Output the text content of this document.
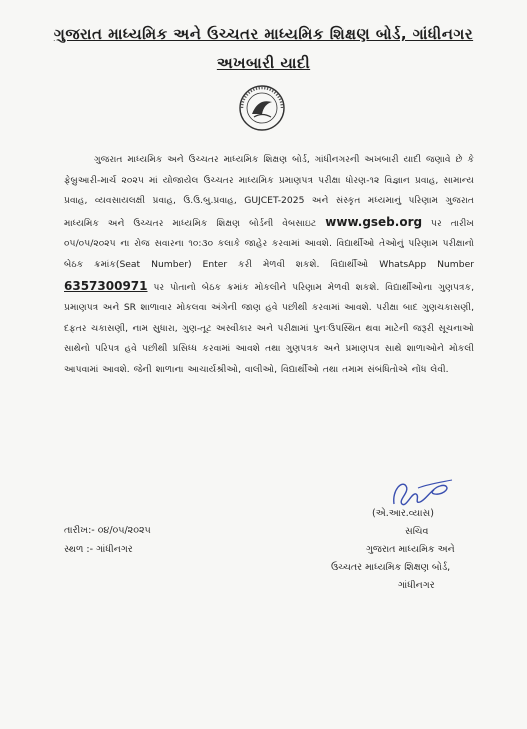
ગુજરાત માધ્યમિક અને ઉચ્ચતર માધ્યમિક શિક્ષણ બોર્ડ, ગાંધીનગર
અખબારી યાદી
ગુજરાત માધ્યમિક અને ઉચ્ચતર માધ્યમિક શિક્ષણ બોર્ડ, ગાંધીનગરની અખબારી યાદી જણાવે છે કે ફેબ્રુઆરી-માર્ચ ૨૦૨૫ માં યોજાયેલ ઉચ્ચતર માધ્યમિક પ્રમાણપત્ર પરીક્ષા ધોરણ-૧૨ વિજ્ઞાન પ્રવાહ, સામાન્ય પ્રવાહ, વ્યવસાયલક્ષી પ્રવાહ, ઉ.ઉ.બુ.પ્રવાહ, GUJCET-2025 અને સંસ્કૃત મધ્યમાનું પરિણામ ગુજરાત માધ્યમિક અને ઉચ્ચતર માધ્યમિક શિક્ષણ બોર્ડની વેબસાઇટ www.gseb.org પર તારીખ ૦૫/૦૫/૨૦૨૫ ના રોજ સવારના ૧૦:૩૦ કલાકે જાહેર કરવામાં આવશે. વિદ્યાર્થીઓ તેઓનું પરિણામ પરીક્ષાનો બેઠક ક્રમાંક(Seat Number) Enter કરી મેળવી શકશે. વિદ્યાર્થીઓ WhatsApp Number 6357300971 પર પોતાનો બેઠક ક્રમાંક મોકલીને પરિણામ મેળવી શકશે. વિદ્યાર્થીઓના ગુણપત્રક, પ્રમાણપત્ર અને SR શાળાવાર મોકલવા અંગેની જાણ હવે પછીથી કરવામાં આવશે. પરીક્ષા બાદ ગુણચકાસણી, દફતર ચકાસણી, નામ સુધારા, ગુણ-તૂટ અસ્વીકાર અને પરીક્ષામાં પુનઃઉપસ્થિત થવા માટેની જરૂરી સૂચનાઓ સાથેનો પરિપત્ર હવે પછીથી પ્રસિધ્ધ કરવામાં આવશે તથા ગુણપત્રક અને પ્રમાણપત્ર સાથે શાળાઓને મોકલી આપવામાં આવશે. જેની શાળાના આચાર્યશ્રીઓ, વાલીઓ, વિદ્યાર્થીઓ તથા તમામ સંબંધિતોએ નોંધ લેવી.
તારીખ:- ૦૪/૦૫/૨૦૨૫
સ્થળ :- ગાંધીનગર
(એ.આર.વ્યાસ)
સચિવ
ગુજરાત માધ્યમિક અને
ઉચ્ચતર માધ્યમિક શિક્ષણ બોર્ડ,
ગાંધીનગર
